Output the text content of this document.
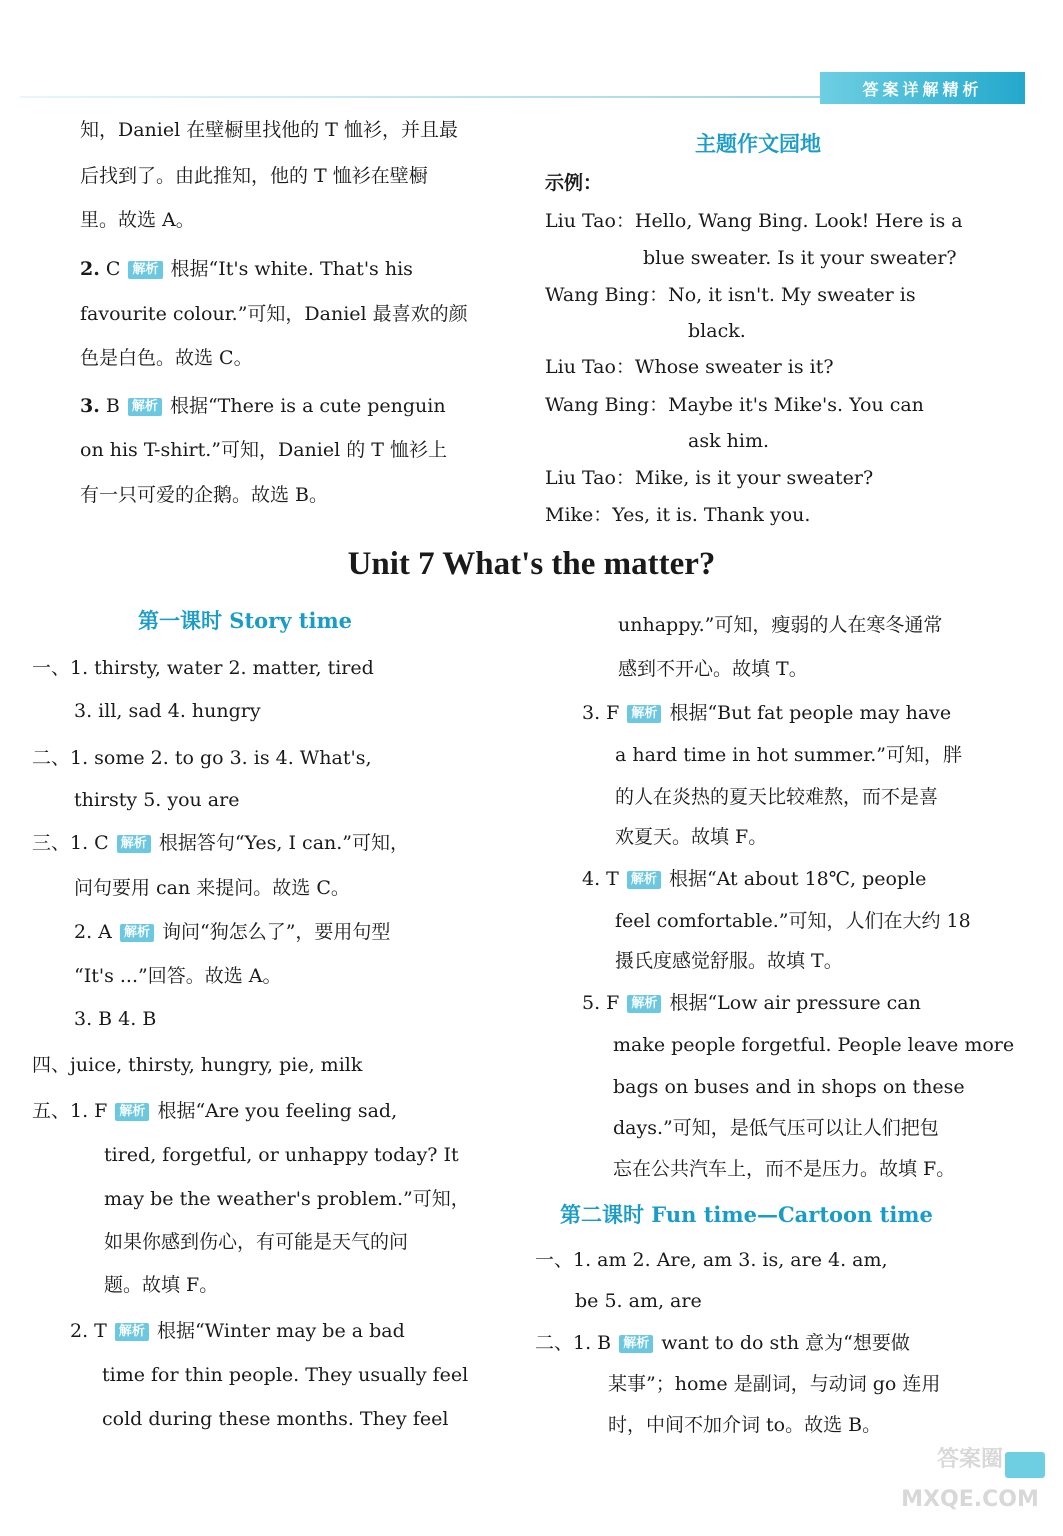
答案详解精析
知，Daniel 在壁橱里找他的 T 恤衫，并且最
后找到了。由此推知，他的 T 恤衫在壁橱
里。故选 A。
2. C 解析 根据“It's white. That's his
favourite colour.”可知，Daniel 最喜欢的颜
色是白色。故选 C。
3. B 解析 根据“There is a cute penguin
on his T-shirt.”可知，Daniel 的 T 恤衫上
有一只可爱的企鹅。故选 B。
主题作文园地
示例：
Liu Tao：Hello, Wang Bing. Look! Here is a
blue sweater. Is it your sweater?
Wang Bing：No, it isn't. My sweater is
black.
Liu Tao：Whose sweater is it?
Wang Bing：Maybe it's Mike's. You can
ask him.
Liu Tao：Mike, is it your sweater?
Mike：Yes, it is. Thank you.
Unit 7 What's the matter?
第一课时 Story time
一、1. thirsty, water 2. matter, tired
3. ill, sad 4. hungry
二、1. some 2. to go 3. is 4. What's,
thirsty 5. you are
三、1. C 解析 根据答句“Yes, I can.”可知，
问句要用 can 来提问。故选 C。
2. A 解析 询问“狗怎么了”，要用句型
“It's ...”回答。故选 A。
3. B 4. B
四、juice, thirsty, hungry, pie, milk
五、1. F 解析 根据“Are you feeling sad,
tired, forgetful, or unhappy today? It
may be the weather's problem.”可知，
如果你感到伤心，有可能是天气的问
题。故填 F。
2. T 解析 根据“Winter may be a bad
time for thin people. They usually feel
cold during these months. They feel
unhappy.”可知，瘦弱的人在寒冬通常
感到不开心。故填 T。
3. F 解析 根据“But fat people may have
a hard time in hot summer.”可知，胖
的人在炎热的夏天比较难熬，而不是喜
欢夏天。故填 F。
4. T 解析 根据“At about 18℃, people
feel comfortable.”可知，人们在大约 18
摄氏度感觉舒服。故填 T。
5. F 解析 根据“Low air pressure can
make people forgetful. People leave more
bags on buses and in shops on these
days.”可知，是低气压可以让人们把包
忘在公共汽车上，而不是压力。故填 F。
第二课时 Fun time—Cartoon time
一、1. am 2. Are, am 3. is, are 4. am,
be 5. am, are
二、1. B 解析 want to do sth 意为“想要做
某事”；home 是副词，与动词 go 连用
时，中间不加介词 to。故选 B。
答案圈 MXQE.COM
